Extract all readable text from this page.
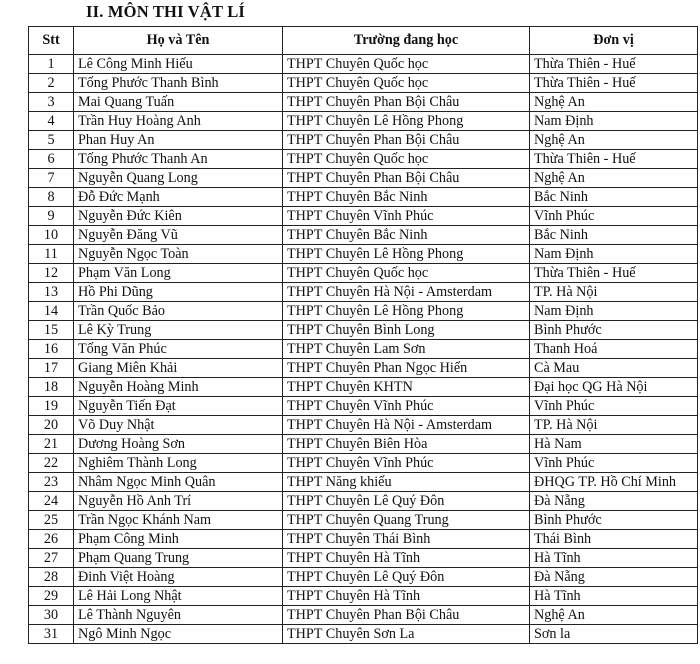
II. MÔN THI VẬT LÍ
Stt	Họ và Tên	Trường đang học	Đơn vị
1	Lê Công Minh Hiếu	THPT Chuyên Quốc học	Thừa Thiên - Huế
2	Tống Phước Thanh Bình	THPT Chuyên Quốc học	Thừa Thiên - Huế
3	Mai Quang Tuấn	THPT Chuyên Phan Bội Châu	Nghệ An
4	Trần Huy Hoàng Anh	THPT Chuyên Lê Hồng Phong	Nam Định
5	Phan Huy An	THPT Chuyên Phan Bội Châu	Nghệ An
6	Tống Phước Thanh An	THPT Chuyên Quốc học	Thừa Thiên - Huế
7	Nguyễn Quang Long	THPT Chuyên Phan Bội Châu	Nghệ An
8	Đỗ Đức Mạnh	THPT Chuyên Bắc Ninh	Bắc Ninh
9	Nguyễn Đức Kiên	THPT Chuyên Vĩnh Phúc	Vĩnh Phúc
10	Nguyễn Đăng Vũ	THPT Chuyên Bắc Ninh	Bắc Ninh
11	Nguyễn Ngọc Toàn	THPT Chuyên Lê Hồng Phong	Nam Định
12	Phạm Văn Long	THPT Chuyên Quốc học	Thừa Thiên - Huế
13	Hồ Phi Dũng	THPT Chuyên Hà Nội - Amsterdam	TP. Hà Nội
14	Trần Quốc Bảo	THPT Chuyên Lê Hồng Phong	Nam Định
15	Lê Kỳ Trung	THPT Chuyên Bình Long	Bình Phước
16	Tống Văn Phúc	THPT Chuyên Lam Sơn	Thanh Hoá
17	Giang Miên Khải	THPT Chuyên Phan Ngọc Hiển	Cà Mau
18	Nguyễn Hoàng Minh	THPT Chuyên KHTN	Đại học QG Hà Nội
19	Nguyễn Tiến Đạt	THPT Chuyên Vĩnh Phúc	Vĩnh Phúc
20	Võ Duy Nhật	THPT Chuyên Hà Nội - Amsterdam	TP. Hà Nội
21	Dương Hoàng Sơn	THPT Chuyên Biên Hòa	Hà Nam
22	Nghiêm Thành Long	THPT Chuyên Vĩnh Phúc	Vĩnh Phúc
23	Nhâm Ngọc Minh Quân	THPT Năng khiếu	ĐHQG TP. Hồ Chí Minh
24	Nguyễn Hồ Anh Trí	THPT Chuyên Lê Quý Đôn	Đà Nẵng
25	Trần Ngọc Khánh Nam	THPT Chuyên Quang Trung	Bình Phước
26	Phạm Công Minh	THPT Chuyên Thái Bình	Thái Bình
27	Phạm Quang Trung	THPT Chuyên Hà Tĩnh	Hà Tĩnh
28	Đinh Việt Hoàng	THPT Chuyên Lê Quý Đôn	Đà Nẵng
29	Lê Hải Long Nhật	THPT Chuyên Hà Tĩnh	Hà Tĩnh
30	Lê Thành Nguyên	THPT Chuyên Phan Bội Châu	Nghệ An
31	Ngô Minh Ngọc	THPT Chuyên Sơn La	Sơn la
